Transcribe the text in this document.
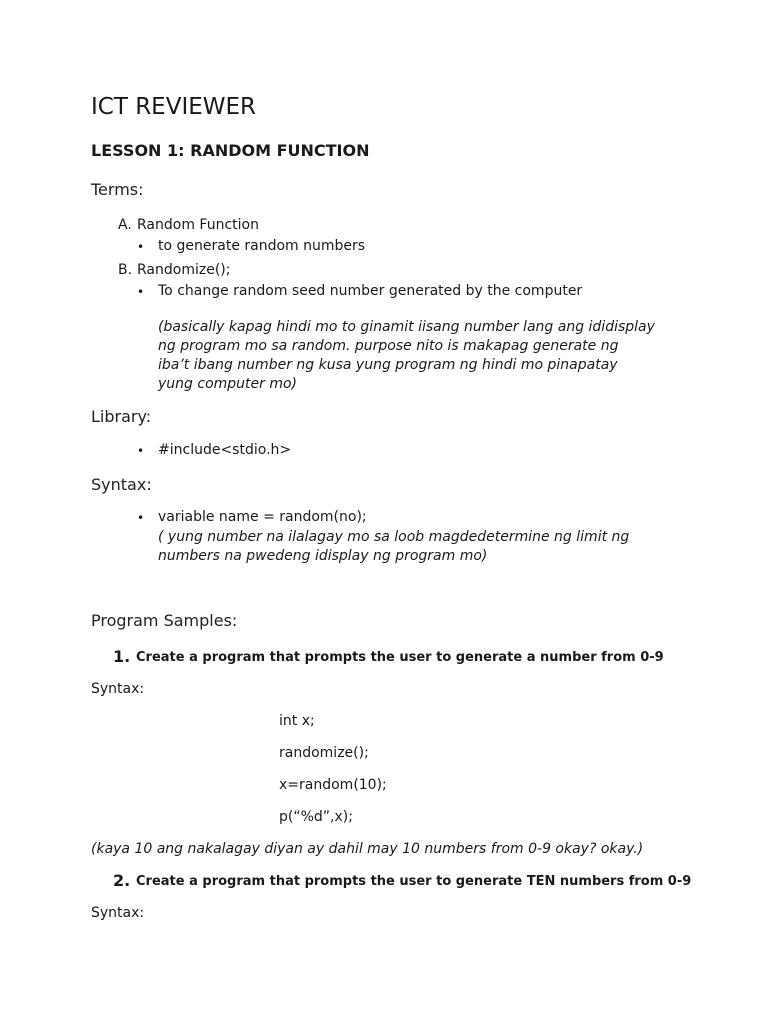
ICT REVIEWER
LESSON 1: RANDOM FUNCTION
Terms:
A. Random Function
• to generate random numbers
B. Randomize();
• To change random seed number generated by the computer
(basically kapag hindi mo to ginamit iisang number lang ang ididisplay
ng program mo sa random. purpose nito is makapag generate ng
iba’t ibang number ng kusa yung program ng hindi mo pinapatay
yung computer mo)
Library:
• #include<stdio.h>
Syntax:
• variable name = random(no);
( yung number na ilalagay mo sa loob magdedetermine ng limit ng
numbers na pwedeng idisplay ng program mo)
Program Samples:
1. Create a program that prompts the user to generate a number from 0-9
Syntax:
int x;
randomize();
x=random(10);
p(“%d”,x);
(kaya 10 ang nakalagay diyan ay dahil may 10 numbers from 0-9 okay? okay.)
2. Create a program that prompts the user to generate TEN numbers from 0-9
Syntax:
